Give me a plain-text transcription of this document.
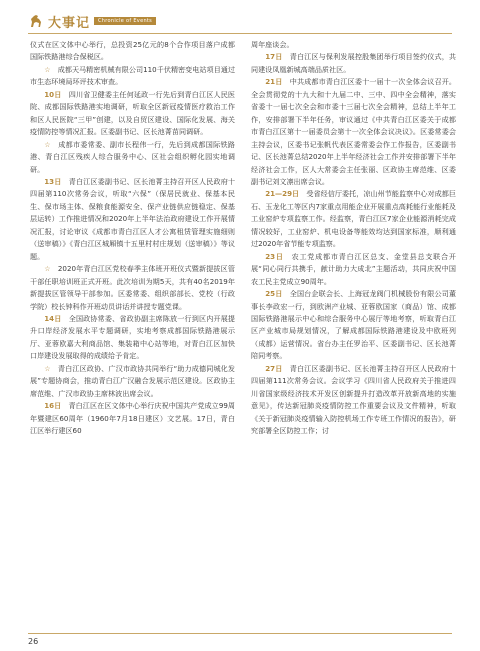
大事记	Chronicle of Events

仪式在区文体中心举行，总投资25亿元的8个合作项目落户成都国际铁路港综合保税区。

☆　 成都天马精密机械有限公司110千伏精密变电站项目通过市生态环境局环评技术审查。

10日　 四川省卫健委主任何延政一行先后到青白江区人民医院、成都国际铁路港实地调研，听取全区新冠疫情医疗救治工作和区人民医院“三甲”创建，以及自贸区建设、国际化发展、海关疫情防控等情况汇报。区委副书记、区长池菁苗同调研。

☆　 成都市委常委、副市长程伟一行，先后到成都国际铁路港、青白江区残疾人综合服务中心、区社会组织孵化园实地调研。

13日　 青白江区委副书记、区长池菁主持召开区人民政府十四届第110次常务会议，听取“六保”（保居民就业、保基本民生、保市场主体、保粮食能源安全、保产业链供应链稳定、保基层运转）工作推进情况和2020年上半年法治政府建设工作开展情况汇报，讨论审议《成都市青白江区人才公寓租赁管理实施细则（送审稿）》《青白江区城厢镇十五里村村庄规划（送审稿）》等议题。

☆　 2020年青白江区党校春季主体班开班仪式暨新提拔区管干部任职培训班正式开班。此次培训为期5天，共有40名2019年新提拔区管领导干部参加。区委常委、组织部部长、党校（行政学院）校长钟科作开班动员讲话并讲授专题党课。

14日　 全国政协常委、省政协副主席陈放一行到区内开展提升口岸经济发展水平专题调研，实地考察成都国际铁路港展示厅、亚蓉欧嘉大利商品馆、集装箱中心站等地，对青白江区加快口岸建设发展取得的成绩给予肯定。

☆　 青白江区政协、广汉市政协共同举行“助力成德同城化发展”专题协商会，推动青白江广汉融合发展示范区建设。区政协主席范维、广汉市政协主席林波出席会议。

16日　 青白江区在区文体中心举行庆祝中国共产党成立99周年暨建区60周年（1960年7月18日建区）文艺展。17日，青白江区举行建区60

周年座谈会。

17日　 青白江区与保利发展控股集团举行项目签约仪式，共同建设凤凰新城高端品质社区。

21日　 中共成都市青白江区委十一届十一次全体会议召开。全会贯彻党的十九大和十九届二中、三中、四中全会精神，落实省委十一届七次全会和市委十三届七次全会精神，总结上半年工作，安排部署下半年任务，审议通过《中共青白江区委关于成都市青白江区第十一届委员会第十一次全体会议决议》。区委常委会主持会议，区委书记张帆代表区委常委会作工作报告，区委副书记、区长池菁总结2020年上半年经济社会工作并安排部署下半年经济社会工作，区人大常委会主任张丽、区政协主席范维、区委副书记刘文凛出席会议。

21—29日　 受省经信厅委托，凉山州节能监察中心对成都巨石、玉龙化工等区内7家重点用能企业开展重点高耗能行业能耗及工业窑炉专项监察工作。经监察，青白江区7家企业能源消耗完成情况较好，工业窑炉、机电设备等能效均达到国家标准，顺利通过2020年省节能专项监察。

23日　 农工党成都市青白江区总支、金堂县总支联合开展“同心同行共携手，献计助力大成北”主题活动，共同庆祝中国农工民主党成立90周年。

25日　 全国台企联会长、上海冠龙阀门机械股份有限公司董事长李政宏一行，到欧洲产业城、亚蓉欧国家（商品）馆、成都国际铁路港展示中心和综合服务中心展厅等地考察，听取青白江区产业城市局规划情况，了解成都国际铁路港建设及中欧班列（成都）运营情况。省台办主任罗治平、区委副书记、区长池菁陪同考察。

27日　 青白江区委副书记、区长池菁主持召开区人民政府十四届第111次常务会议。会议学习《四川省人民政府关于推进四川省国家级经济技术开发区创新提升打造改革开放新高地的实施意见》，传达新冠肺炎疫情防控工作重要会议及文件精神，听取《关于新冠肺炎疫情输入防控机场工作专班工作情况的报告》，研究部署全区防控工作；讨

26
